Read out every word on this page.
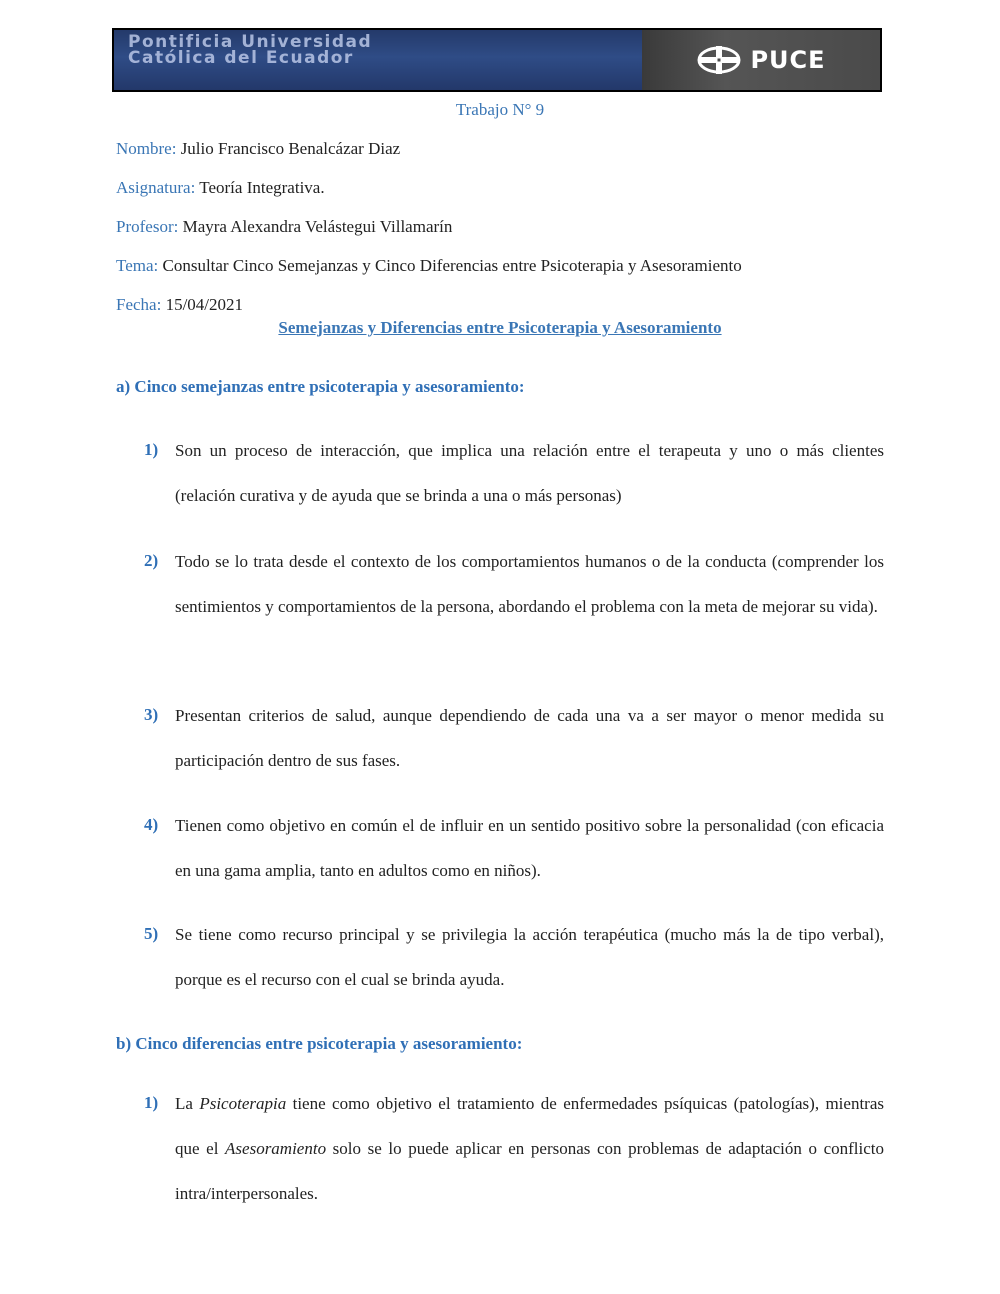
Pontificia Universidad
Católica del Ecuador	PUCE
Trabajo N° 9
Nombre: Julio Francisco Benalcázar Diaz
Asignatura: Teoría Integrativa.
Profesor: Mayra Alexandra Velástegui Villamarín
Tema: Consultar Cinco Semejanzas y Cinco Diferencias entre Psicoterapia y Asesoramiento
Fecha: 15/04/2021
Semejanzas y Diferencias entre Psicoterapia y Asesoramiento
a) Cinco semejanzas entre psicoterapia y asesoramiento:
1) Son un proceso de interacción, que implica una relación entre el terapeuta y uno o más clientes (relación curativa y de ayuda que se brinda a una o más personas)
2) Todo se lo trata desde el contexto de los comportamientos humanos o de la conducta (comprender los sentimientos y comportamientos de la persona, abordando el problema con la meta de mejorar su vida).
3) Presentan criterios de salud, aunque dependiendo de cada una va a ser mayor o menor medida su participación dentro de sus fases.
4) Tienen como objetivo en común el de influir en un sentido positivo sobre la personalidad (con eficacia en una gama amplia, tanto en adultos como en niños).
5) Se tiene como recurso principal y se privilegia la acción terapéutica (mucho más la de tipo verbal), porque es el recurso con el cual se brinda ayuda.
b) Cinco diferencias entre psicoterapia y asesoramiento:
1) La Psicoterapia tiene como objetivo el tratamiento de enfermedades psíquicas (patologías), mientras que el Asesoramiento solo se lo puede aplicar en personas con problemas de adaptación o conflicto intra/interpersonales.
